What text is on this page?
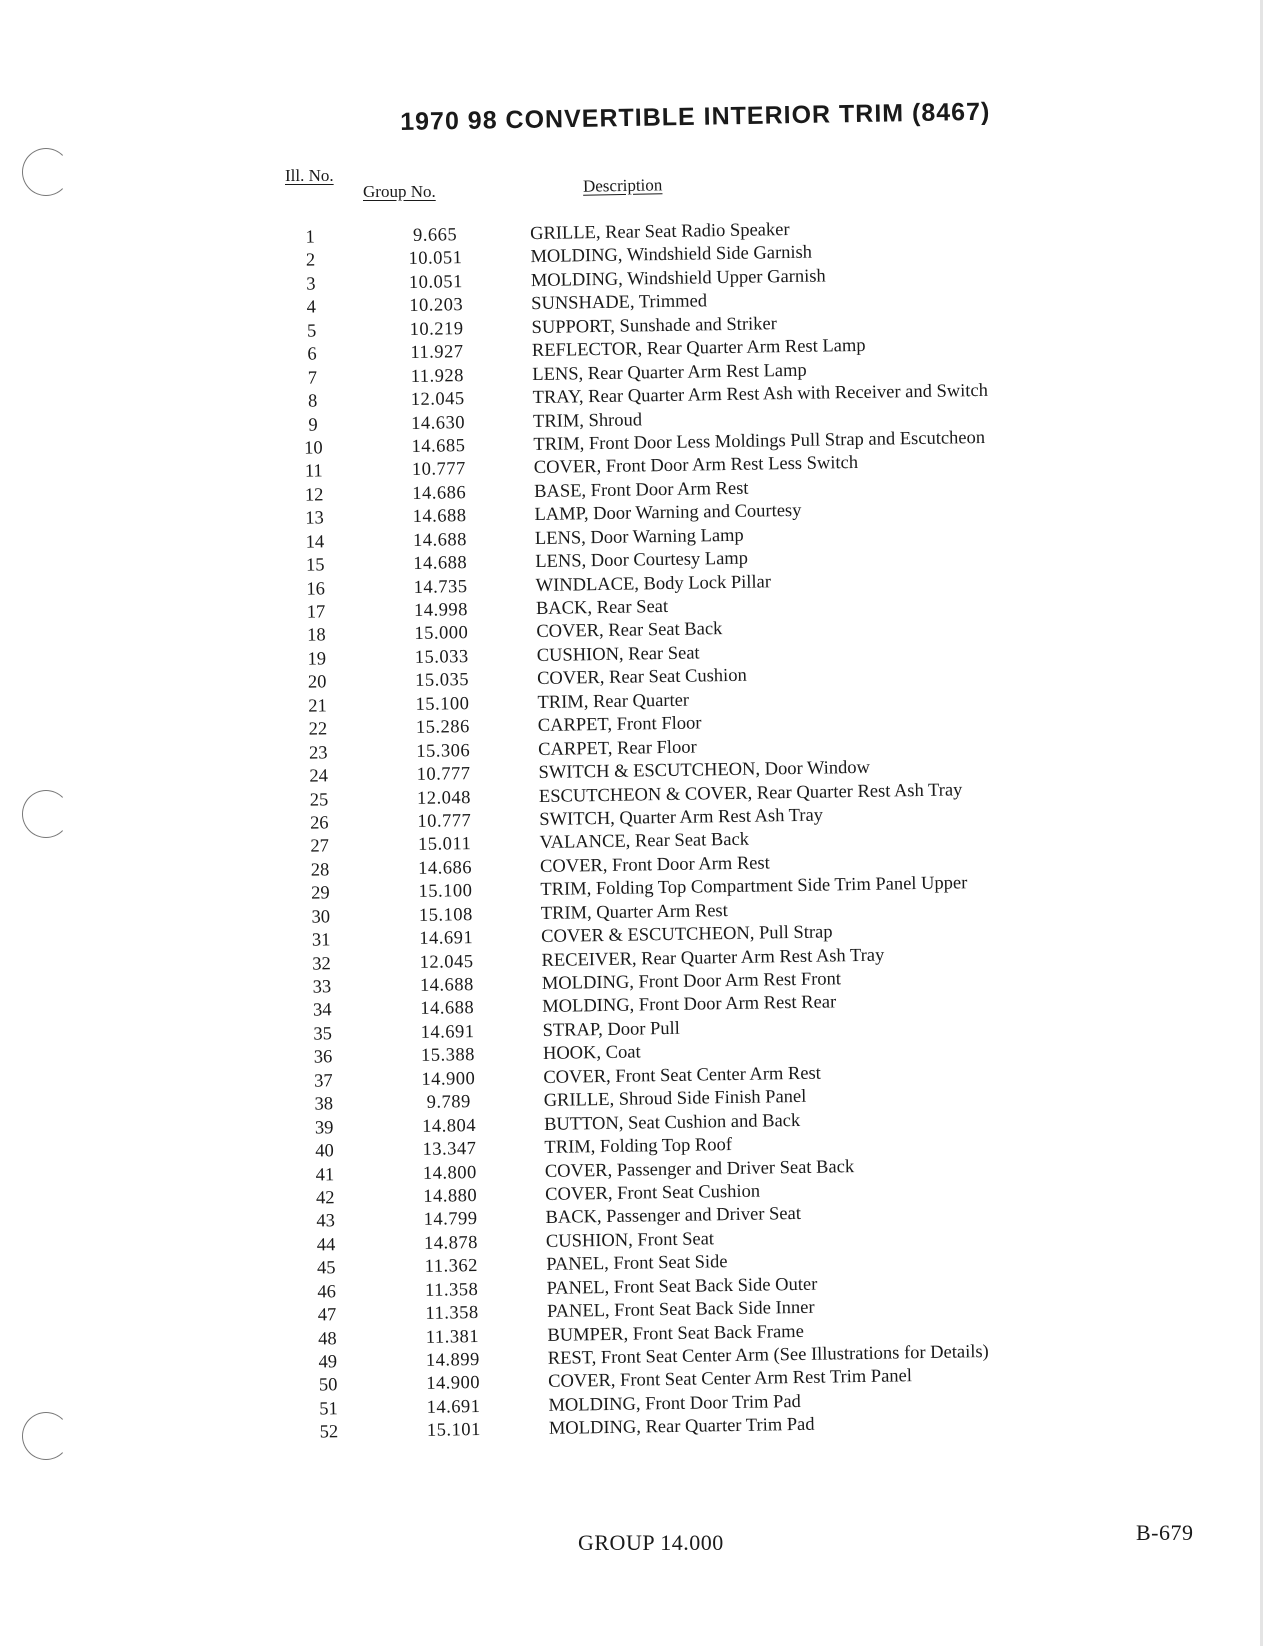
1970 98 CONVERTIBLE INTERIOR TRIM (8467)
Ill. No.
Group No.	Description
1	9.665	GRILLE, Rear Seat Radio Speaker
2	10.051	MOLDING, Windshield Side Garnish
3	10.051	MOLDING, Windshield Upper Garnish
4	10.203	SUNSHADE, Trimmed
5	10.219	SUPPORT, Sunshade and Striker
6	11.927	REFLECTOR, Rear Quarter Arm Rest Lamp
7	11.928	LENS, Rear Quarter Arm Rest Lamp
8	12.045	TRAY, Rear Quarter Arm Rest Ash with Receiver and Switch
9	14.630	TRIM, Shroud
10	14.685	TRIM, Front Door Less Moldings Pull Strap and Escutcheon
11	10.777	COVER, Front Door Arm Rest Less Switch
12	14.686	BASE, Front Door Arm Rest
13	14.688	LAMP, Door Warning and Courtesy
14	14.688	LENS, Door Warning Lamp
15	14.688	LENS, Door Courtesy Lamp
16	14.735	WINDLACE, Body Lock Pillar
17	14.998	BACK, Rear Seat
18	15.000	COVER, Rear Seat Back
19	15.033	CUSHION, Rear Seat
20	15.035	COVER, Rear Seat Cushion
21	15.100	TRIM, Rear Quarter
22	15.286	CARPET, Front Floor
23	15.306	CARPET, Rear Floor
24	10.777	SWITCH & ESCUTCHEON, Door Window
25	12.048	ESCUTCHEON & COVER, Rear Quarter Rest Ash Tray
26	10.777	SWITCH, Quarter Arm Rest Ash Tray
27	15.011	VALANCE, Rear Seat Back
28	14.686	COVER, Front Door Arm Rest
29	15.100	TRIM, Folding Top Compartment Side Trim Panel Upper
30	15.108	TRIM, Quarter Arm Rest
31	14.691	COVER & ESCUTCHEON, Pull Strap
32	12.045	RECEIVER, Rear Quarter Arm Rest Ash Tray
33	14.688	MOLDING, Front Door Arm Rest Front
34	14.688	MOLDING, Front Door Arm Rest Rear
35	14.691	STRAP, Door Pull
36	15.388	HOOK, Coat
37	14.900	COVER, Front Seat Center Arm Rest
38	9.789	GRILLE, Shroud Side Finish Panel
39	14.804	BUTTON, Seat Cushion and Back
40	13.347	TRIM, Folding Top Roof
41	14.800	COVER, Passenger and Driver Seat Back
42	14.880	COVER, Front Seat Cushion
43	14.799	BACK, Passenger and Driver Seat
44	14.878	CUSHION, Front Seat
45	11.362	PANEL, Front Seat Side
46	11.358	PANEL, Front Seat Back Side Outer
47	11.358	PANEL, Front Seat Back Side Inner
48	11.381	BUMPER, Front Seat Back Frame
49	14.899	REST, Front Seat Center Arm (See Illustrations for Details)
50	14.900	COVER, Front Seat Center Arm Rest Trim Panel
51	14.691	MOLDING, Front Door Trim Pad
52	15.101	MOLDING, Rear Quarter Trim Pad
GROUP 14.000	B-679
